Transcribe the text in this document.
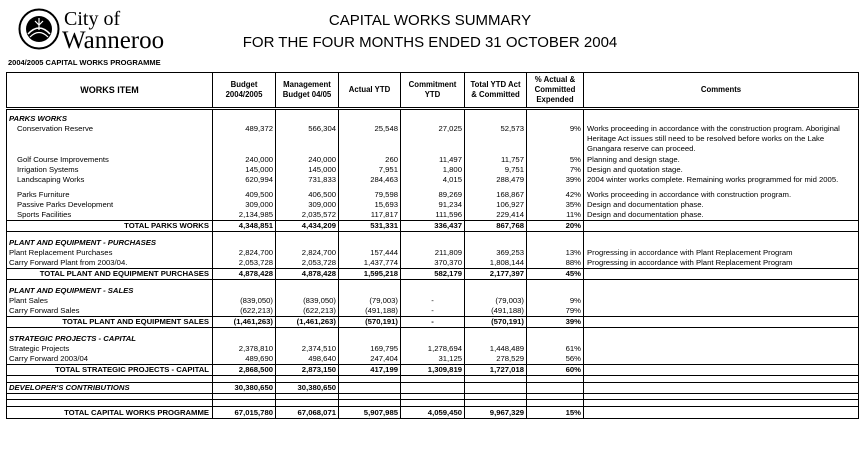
City of
Wanneroo
CAPITAL WORKS SUMMARY
FOR THE FOUR MONTHS ENDED 31 OCTOBER 2004
2004/2005 CAPITAL WORKS PROGRAMME
WORKS ITEM	Budget 2004/2005	Management Budget 04/05	Actual YTD	Commitment YTD	Total YTD Act & Committed	% Actual & Committed Expended	Comments

PARKS WORKS							
Conservation Reserve	489,372	566,304	25,548	27,025	52,573	9%	Works proceeding in accordance with the construction program. Aboriginal Heritage Act issues still need to be resolved before works on the Lake Gnangara reserve can proceed.
Golf Course Improvements	240,000	240,000	260	11,497	11,757	5%	Planning and design stage.
Irrigation Systems	145,000	145,000	7,951	1,800	9,751	7%	Design and quotation stage.
Landscaping Works	620,994	731,833	284,463	4,015	288,479	39%	2004 winter works complete. Remaining works programmed for mid 2005.

Parks Furniture	409,500	406,500	79,598	89,269	168,867	42%	Works proceeding in accordance with construction program.
Passive Parks Development	309,000	309,000	15,693	91,234	106,927	35%	Design and documentation phase.
Sports Facilities	2,134,985	2,035,572	117,817	111,596	229,414	11%	Design and documentation phase.
TOTAL PARKS WORKS	4,348,851	4,434,209	531,331	336,437	867,768	20%	

PLANT AND EQUIPMENT - PURCHASES							
Plant Replacement Purchases	2,824,700	2,824,700	157,444	211,809	369,253	13%	Progressing in accordance with Plant Replacement Program
Carry Forward Plant from 2003/04.	2,053,728	2,053,728	1,437,774	370,370	1,808,144	88%	Progressing in accordance with Plant Replacement Program
TOTAL PLANT AND EQUIPMENT PURCHASES	4,878,428	4,878,428	1,595,218	582,179	2,177,397	45%	

PLANT AND EQUIPMENT - SALES							
Plant Sales	(839,050)	(839,050)	(79,003)	-	(79,003)	9%	
Carry Forward Sales	(622,213)	(622,213)	(491,188)	-	(491,188)	79%	
TOTAL PLANT AND EQUIPMENT SALES	(1,461,263)	(1,461,263)	(570,191)	-	(570,191)	39%	

STRATEGIC PROJECTS - CAPITAL							
Strategic Projects	2,378,810	2,374,510	169,795	1,278,694	1,448,489	61%	
Carry Forward 2003/04	489,690	498,640	247,404	31,125	278,529	56%	
TOTAL STRATEGIC PROJECTS - CAPITAL	2,868,500	2,873,150	417,199	1,309,819	1,727,018	60%	

DEVELOPER'S CONTRIBUTIONS	30,380,650	30,380,650					

TOTAL CAPITAL WORKS PROGRAMME	67,015,780	67,068,071	5,907,985	4,059,450	9,967,329	15%	
